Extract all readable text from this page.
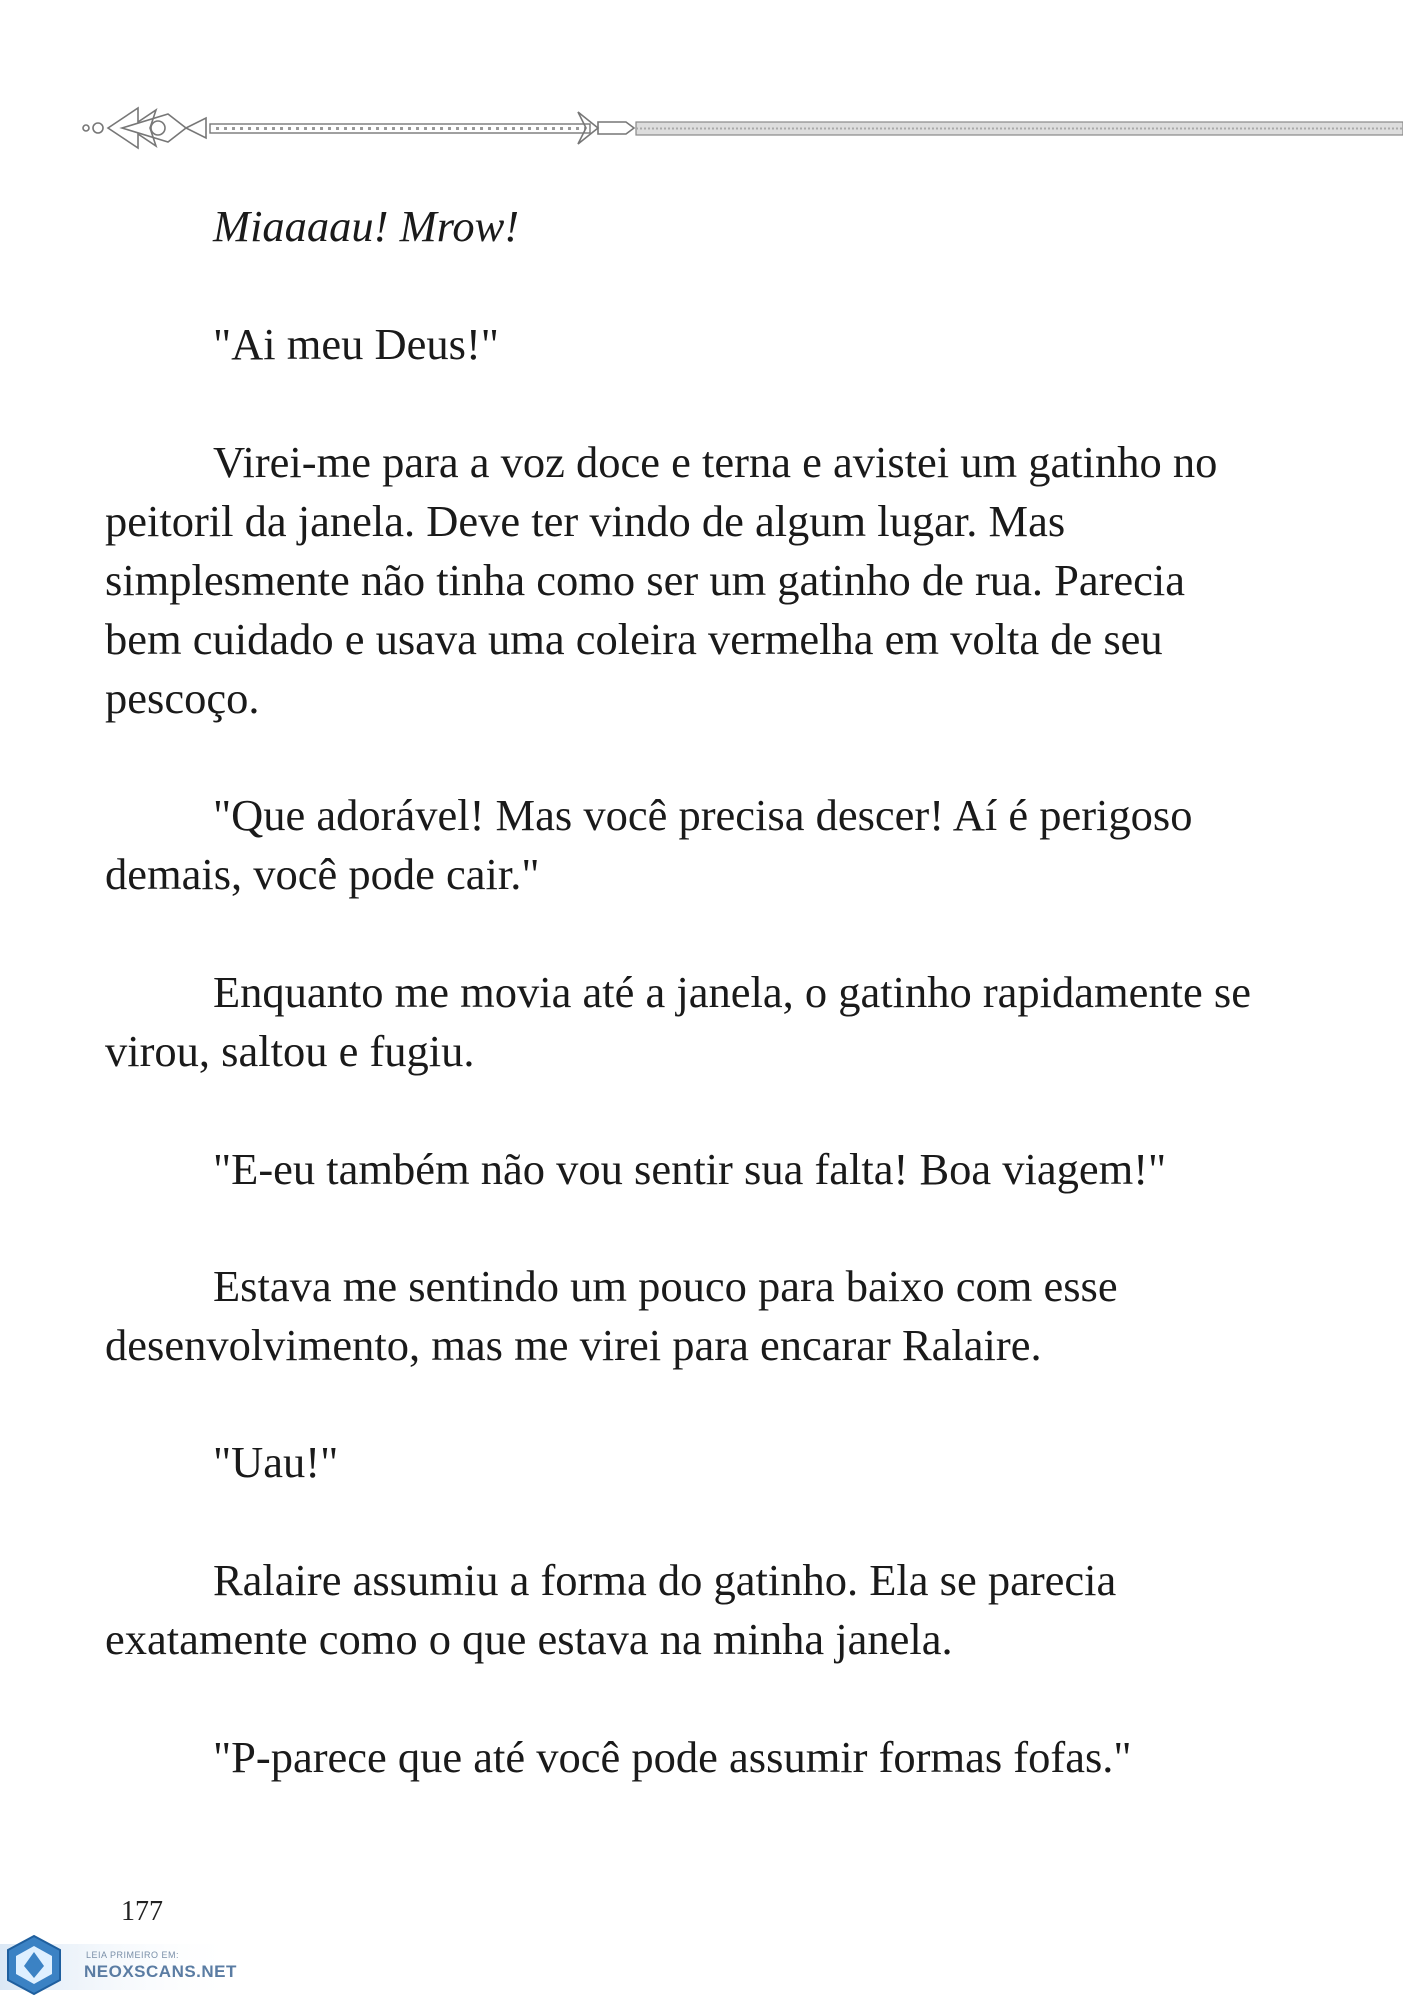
Miaaaau! Mrow!
"Ai meu Deus!"
Virei-me para a voz doce e terna e avistei um gatinho no
peitoril da janela. Deve ter vindo de algum lugar. Mas
simplesmente não tinha como ser um gatinho de rua. Parecia
bem cuidado e usava uma coleira vermelha em volta de seu
pescoço.
"Que adorável! Mas você precisa descer! Aí é perigoso
demais, você pode cair."
Enquanto me movia até a janela, o gatinho rapidamente se
virou, saltou e fugiu.
"E-eu também não vou sentir sua falta! Boa viagem!"
Estava me sentindo um pouco para baixo com esse
desenvolvimento, mas me virei para encarar Ralaire.
"Uau!"
Ralaire assumiu a forma do gatinho. Ela se parecia
exatamente como o que estava na minha janela.
"P-parece que até você pode assumir formas fofas."
177
LEIA PRIMEIRO EM:
NEOXSCANS.NET
